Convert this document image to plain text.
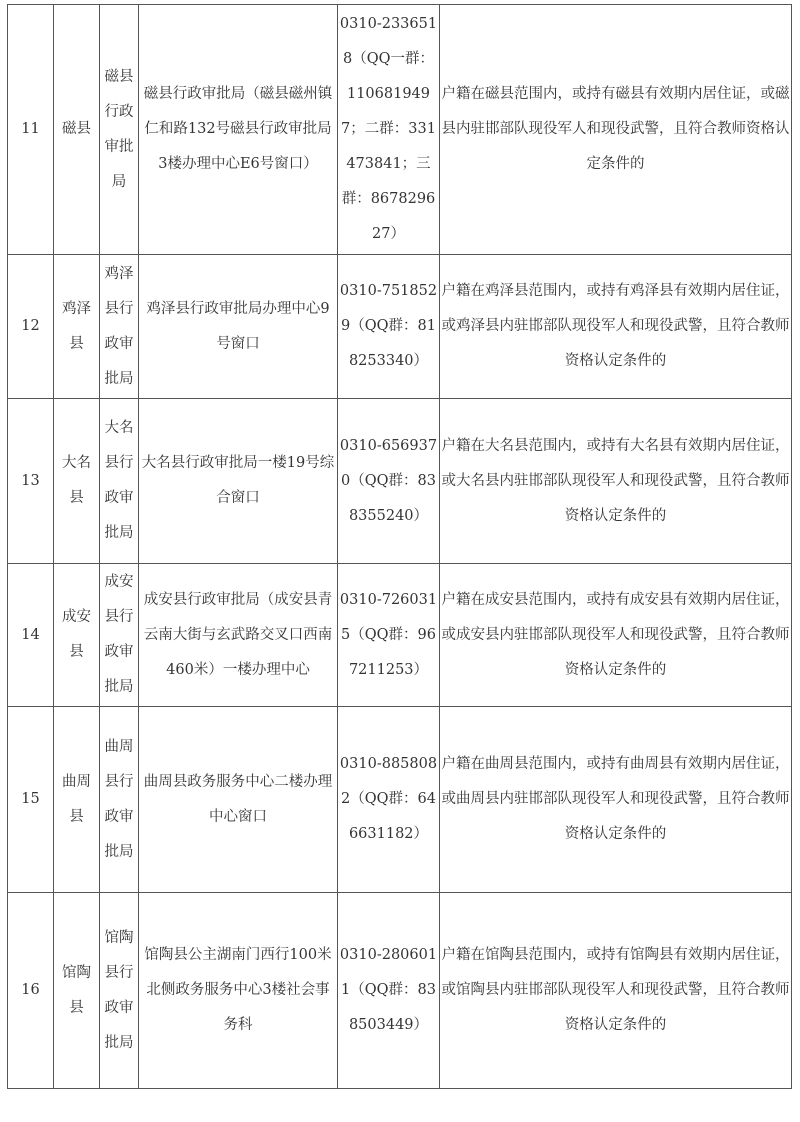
11	磁县	磁县行政审批局	磁县行政审批局（磁县磁州镇仁和路132号磁县行政审批局3楼办理中心E6号窗口）	0310-2336518（QQ一群：1106819497；二群：331473841；三群：867829627）	户籍在磁县范围内，或持有磁县有效期内居住证，或磁县内驻邯部队现役军人和现役武警，且符合教师资格认定条件的
12	鸡泽县	鸡泽县行政审批局	鸡泽县行政审批局办理中心9号窗口	0310-7518529（QQ群：818253340）	户籍在鸡泽县范围内，或持有鸡泽县有效期内居住证，或鸡泽县内驻邯部队现役军人和现役武警，且符合教师资格认定条件的
13	大名县	大名县行政审批局	大名县行政审批局一楼19号综合窗口	0310-6569370（QQ群：838355240）	户籍在大名县范围内，或持有大名县有效期内居住证，或大名县内驻邯部队现役军人和现役武警，且符合教师资格认定条件的
14	成安县	成安县行政审批局	成安县行政审批局（成安县青云南大街与玄武路交叉口西南460米）一楼办理中心	0310-7260315（QQ群：967211253）	户籍在成安县范围内，或持有成安县有效期内居住证，或成安县内驻邯部队现役军人和现役武警，且符合教师资格认定条件的
15	曲周县	曲周县行政审批局	曲周县政务服务中心二楼办理中心窗口	0310-8858082（QQ群：646631182）	户籍在曲周县范围内，或持有曲周县有效期内居住证，或曲周县内驻邯部队现役军人和现役武警，且符合教师资格认定条件的
16	馆陶县	馆陶县行政审批局	馆陶县公主湖南门西行100米北侧政务服务中心3楼社会事务科	0310-2806011（QQ群：838503449）	户籍在馆陶县范围内，或持有馆陶县有效期内居住证，或馆陶县内驻邯部队现役军人和现役武警，且符合教师资格认定条件的
